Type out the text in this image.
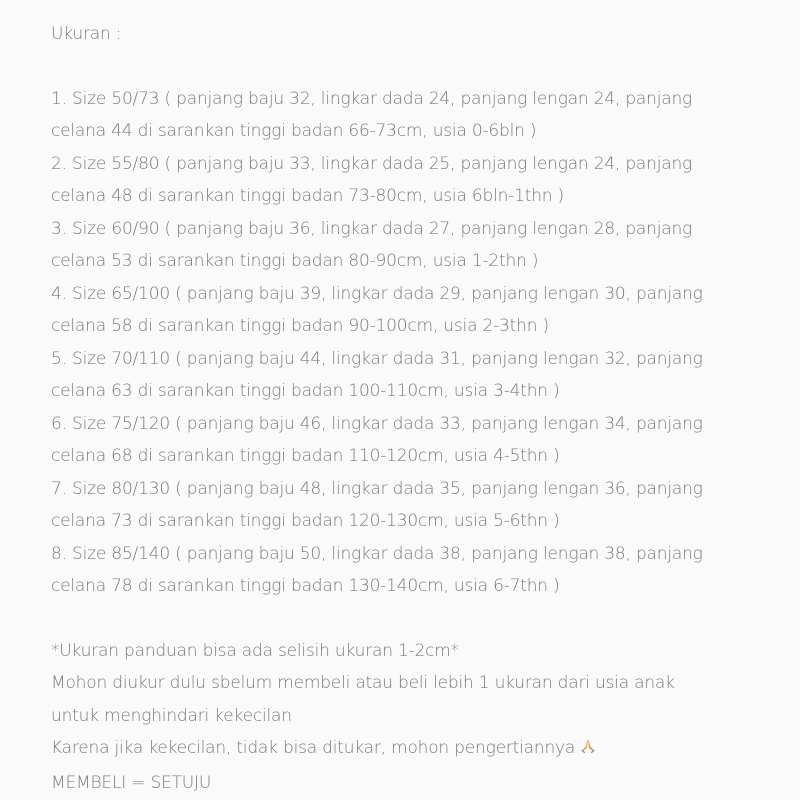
Ukuran :
1. Size 50/73 ( panjang baju 32, lingkar dada 24, panjang lengan 24, panjang
celana 44 di sarankan tinggi badan 66-73cm, usia 0-6bln )
2. Size 55/80 ( panjang baju 33, lingkar dada 25, panjang lengan 24, panjang
celana 48 di sarankan tinggi badan 73-80cm, usia 6bln-1thn )
3. Size 60/90 ( panjang baju 36, lingkar dada 27, panjang lengan 28, panjang
celana 53 di sarankan tinggi badan 80-90cm, usia 1-2thn )
4. Size 65/100 ( panjang baju 39, lingkar dada 29, panjang lengan 30, panjang
celana 58 di sarankan tinggi badan 90-100cm, usia 2-3thn )
5. Size 70/110 ( panjang baju 44, lingkar dada 31, panjang lengan 32, panjang
celana 63 di sarankan tinggi badan 100-110cm, usia 3-4thn )
6. Size 75/120 ( panjang baju 46, lingkar dada 33, panjang lengan 34, panjang
celana 68 di sarankan tinggi badan 110-120cm, usia 4-5thn )
7. Size 80/130 ( panjang baju 48, lingkar dada 35, panjang lengan 36, panjang
celana 73 di sarankan tinggi badan 120-130cm, usia 5-6thn )
8. Size 85/140 ( panjang baju 50, lingkar dada 38, panjang lengan 38, panjang
celana 78 di sarankan tinggi badan 130-140cm, usia 6-7thn )
*Ukuran panduan bisa ada selisih ukuran 1-2cm*
Mohon diukur dulu sbelum membeli atau beli lebih 1 ukuran dari usia anak
untuk menghindari kekecilan
Karena jika kekecilan, tidak bisa ditukar, mohon pengertiannya
MEMBELI = SETUJU
